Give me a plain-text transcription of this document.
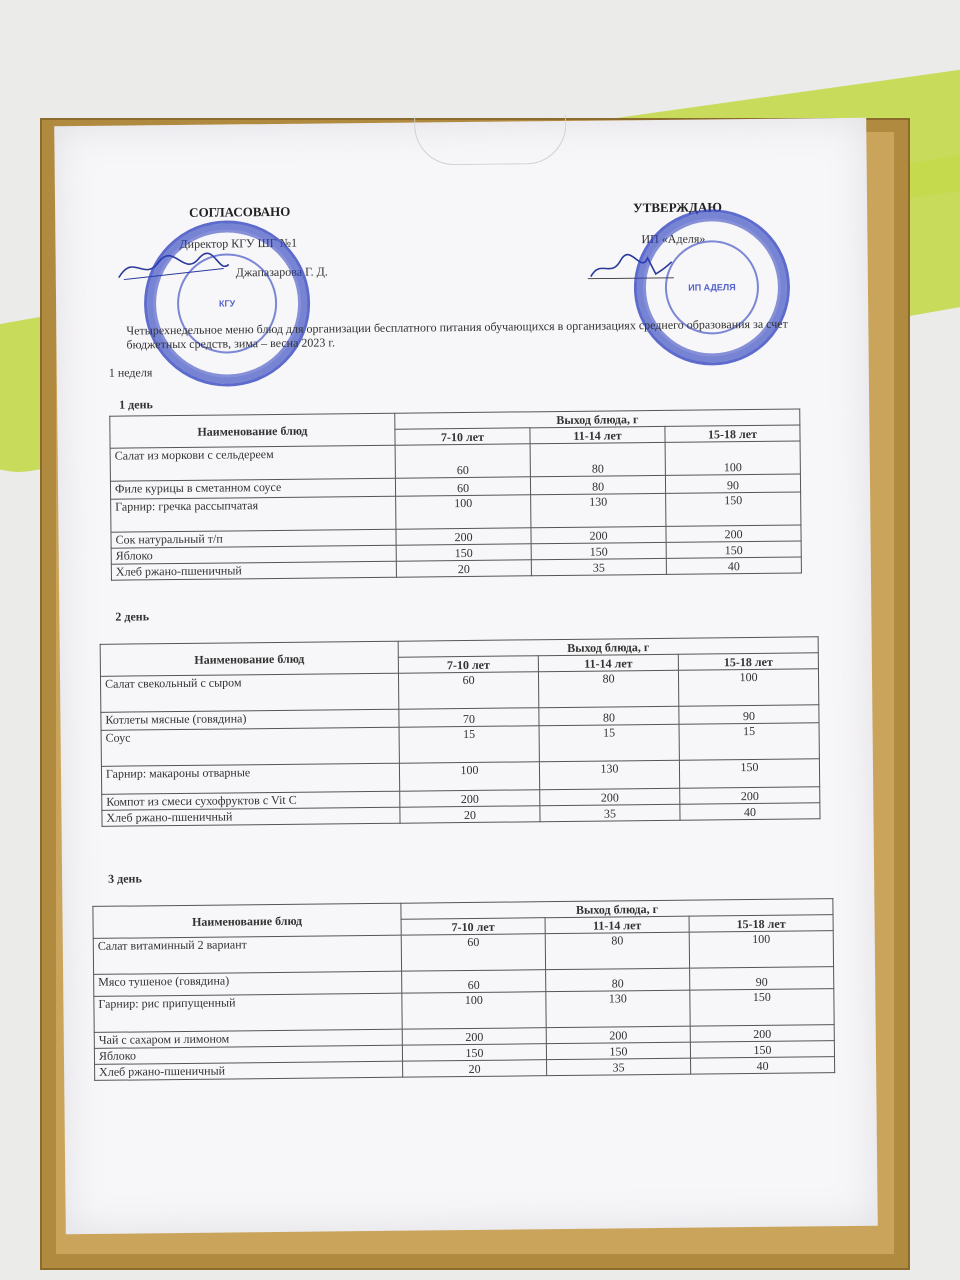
СОГЛАСОВАНО
Директор КГУ ШГ №1
Джапазарова Г. Д.
УТВЕРЖДАЮ
ИП «Аделя»
КГУ
ИП АДЕЛЯ
Четырехнедельное меню блюд для организации бесплатного питания обучающихся в организациях среднего образования за счет бюджетных средств, зима – весна 2023 г.
1 неделя
1 день
Наименование блюд	Выход блюда, г		
	7-10 лет	11-14 лет	15-18 лет
Салат из моркови с сельдереем	60	80	100
Филе курицы в сметанном соусе	60	80	90
Гарнир: гречка рассыпчатая	100	130	150
Сок натуральный т/п	200	200	200
Яблоко	150	150	150
Хлеб ржано-пшеничный	20	35	40
2 день
Наименование блюд	Выход блюда, г		
	7-10 лет	11-14 лет	15-18 лет
Салат свекольный с сыром	60	80	100
Котлеты мясные (говядина)	70	80	90
Соус	15	15	15
Гарнир: макароны отварные	100	130	150
Компот из смеси сухофруктов с Vit C	200	200	200
Хлеб ржано-пшеничный	20	35	40
3 день
Наименование блюд	Выход блюда, г		
	7-10 лет	11-14 лет	15-18 лет
Салат витаминный 2 вариант	60	80	100
Мясо тушеное (говядина)	60	80	90
Гарнир: рис припущенный	100	130	150
Чай с сахаром и лимоном	200	200	200
Яблоко	150	150	150
Хлеб ржано-пшеничный	20	35	40
